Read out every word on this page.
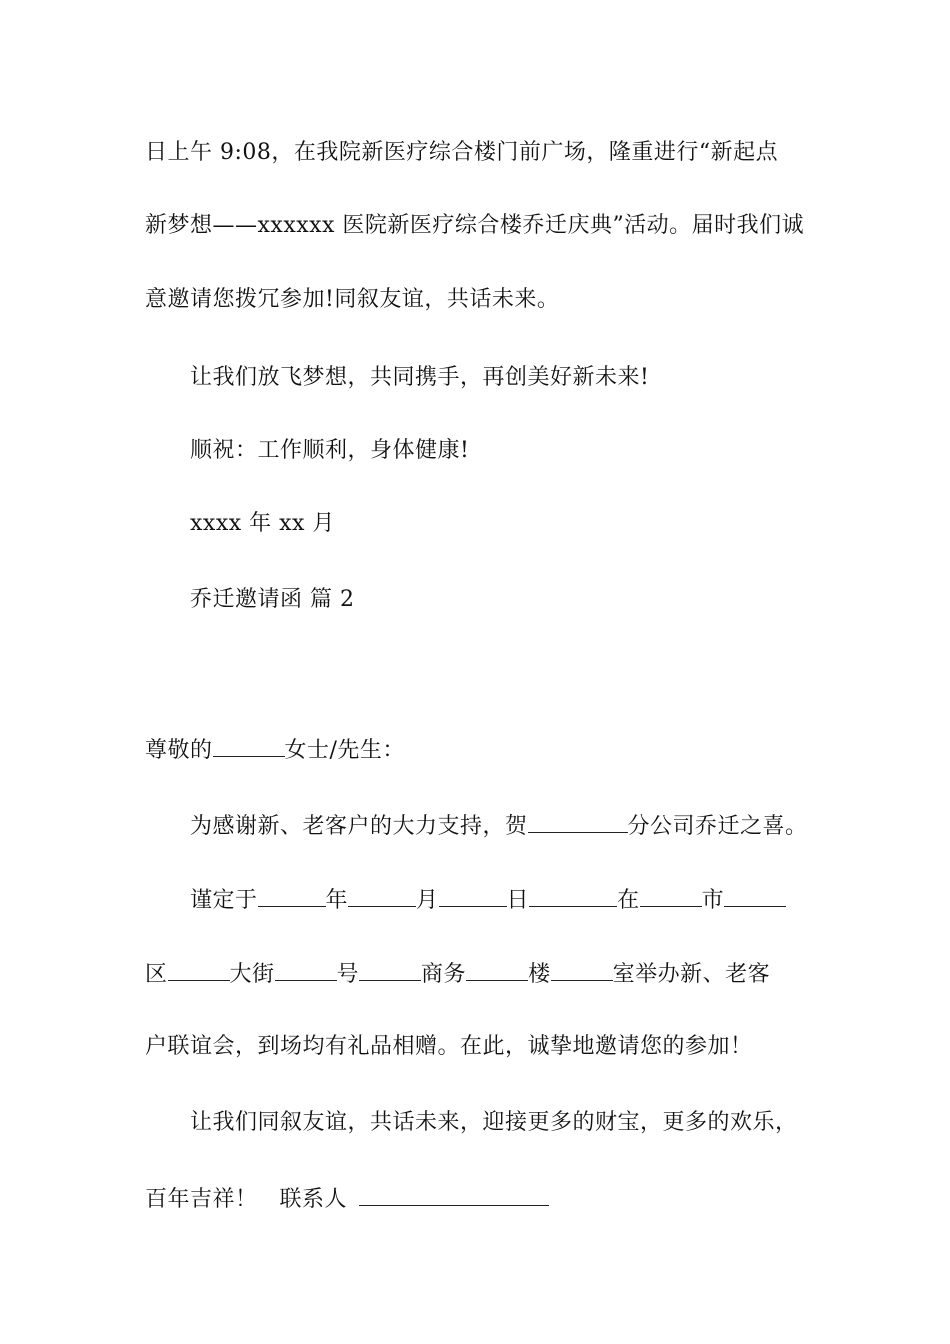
日上午 9:08，在我院新医疗综合楼门前广场，隆重进行“新起点
新梦想——xxxxxx 医院新医疗综合楼乔迁庆典”活动。届时我们诚
意邀请您拨冗参加!同叙友谊，共话未来。
让我们放飞梦想，共同携手，再创美好新未来!
顺祝：工作顺利，身体健康!
xxxx 年 xx 月
乔迁邀请函 篇 2
尊敬的	女士/先生：
为感谢新、老客户的大力支持，贺	分公司乔迁之喜。
谨定于	年	月	日	在	市
区	大街	号	商务	楼	室举办新、老客
户联谊会，到场均有礼品相赠。在此，诚挚地邀请您的参加！
让我们同叙友谊，共话未来，迎接更多的财宝，更多的欢乐，
百年吉祥！ 联系人
